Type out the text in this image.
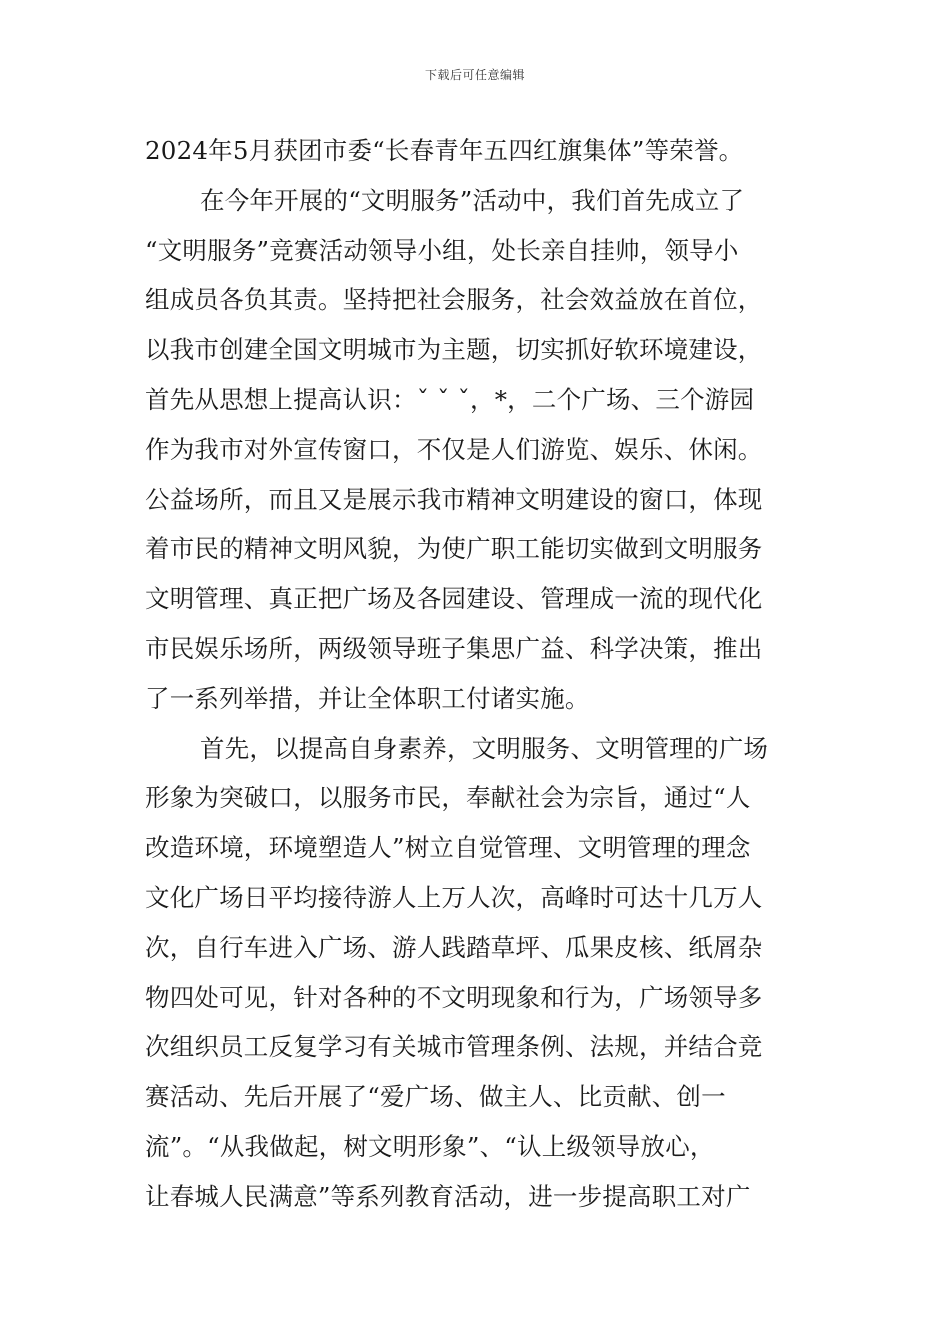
下载后可任意编辑
2024年5月获团市委“长春青年五四红旗集体”等荣誉。
在今年开展的“文明服务”活动中，我们首先成立了
“文明服务”竞赛活动领导小组，处长亲自挂帅，领导小
组成员各负其责。坚持把社会服务，社会效益放在首位，
以我市创建全国文明城市为主题，切实抓好软环境建设，
首先从思想上提高认识：ˇ ˇ ˇ，*，二个广场、三个游园
作为我市对外宣传窗口，不仅是人们游览、娱乐、休闲。
公益场所，而且又是展示我市精神文明建设的窗口，体现
着市民的精神文明风貌，为使广职工能切实做到文明服务
文明管理、真正把广场及各园建设、管理成一流的现代化
市民娱乐场所，两级领导班子集思广益、科学决策，推出
了一系列举措，并让全体职工付诸实施。
首先，以提高自身素养，文明服务、文明管理的广场
形象为突破口，以服务市民，奉献社会为宗旨，通过“人
改造环境，环境塑造人”树立自觉管理、文明管理的理念
文化广场日平均接待游人上万人次，高峰时可达十几万人
次，自行车进入广场、游人践踏草坪、瓜果皮核、纸屑杂
物四处可见，针对各种的不文明现象和行为，广场领导多
次组织员工反复学习有关城市管理条例、法规，并结合竞
赛活动、先后开展了“爱广场、做主人、比贡献、创一
流”。“从我做起，树文明形象”、“认上级领导放心，
让春城人民满意”等系列教育活动，进一步提高职工对广
